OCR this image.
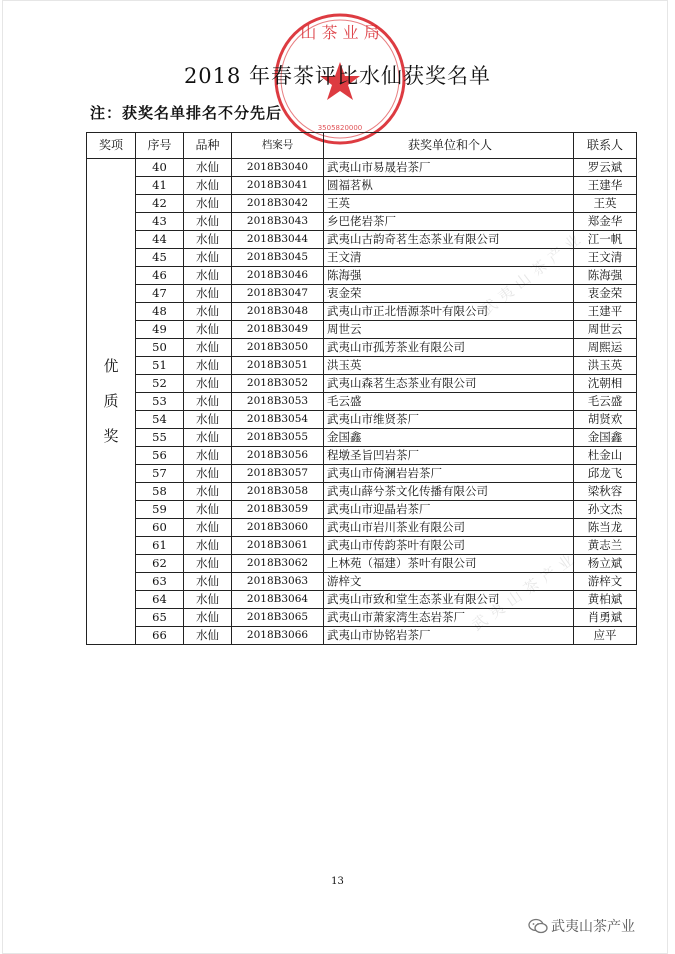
山 茶 业 局
3505820000
2018 年春茶评比水仙获奖名单
注：获奖名单排名不分先后
武夷山茶产业
武夷山茶产业
奖项	序号	品种	档案号	获奖单位和个人	联系人

优
质
奖	40	水仙	2018B3040	武夷山市易晟岩茶厂	罗云斌
	41	水仙	2018B3041	圆福茗枞	王建华
	42	水仙	2018B3042	王英	王英
	43	水仙	2018B3043	乡巴佬岩茶厂	郑金华
	44	水仙	2018B3044	武夷山古韵奇茗生态茶业有限公司	江一帆
	45	水仙	2018B3045	王文清	王文清
	46	水仙	2018B3046	陈海强	陈海强
	47	水仙	2018B3047	衷金荣	衷金荣
	48	水仙	2018B3048	武夷山市正北悟源茶叶有限公司	王建平
	49	水仙	2018B3049	周世云	周世云
	50	水仙	2018B3050	武夷山市孤芳茶业有限公司	周熙运
	51	水仙	2018B3051	洪玉英	洪玉英
	52	水仙	2018B3052	武夷山森茗生态茶业有限公司	沈朝相
	53	水仙	2018B3053	毛云盛	毛云盛
	54	水仙	2018B3054	武夷山市维贤茶厂	胡贤欢
	55	水仙	2018B3055	金国鑫	金国鑫
	56	水仙	2018B3056	程墩圣旨凹岩茶厂	杜金山
	57	水仙	2018B3057	武夷山市倚澜岩岩茶厂	邱龙飞
	58	水仙	2018B3058	武夷山薛兮茶文化传播有限公司	梁秋容
	59	水仙	2018B3059	武夷山市迎晶岩茶厂	孙文杰
	60	水仙	2018B3060	武夷山市岩川茶业有限公司	陈当龙
	61	水仙	2018B3061	武夷山市传韵茶叶有限公司	黄志兰
	62	水仙	2018B3062	上林苑（福建）茶叶有限公司	杨立斌
	63	水仙	2018B3063	游梓文	游梓文
	64	水仙	2018B3064	武夷山市致和堂生态茶业有限公司	黄柏斌
	65	水仙	2018B3065	武夷山市萧家湾生态岩茶厂	肖勇斌
	66	水仙	2018B3066	武夷山市协铭岩茶厂	应平
13
武夷山茶产业
